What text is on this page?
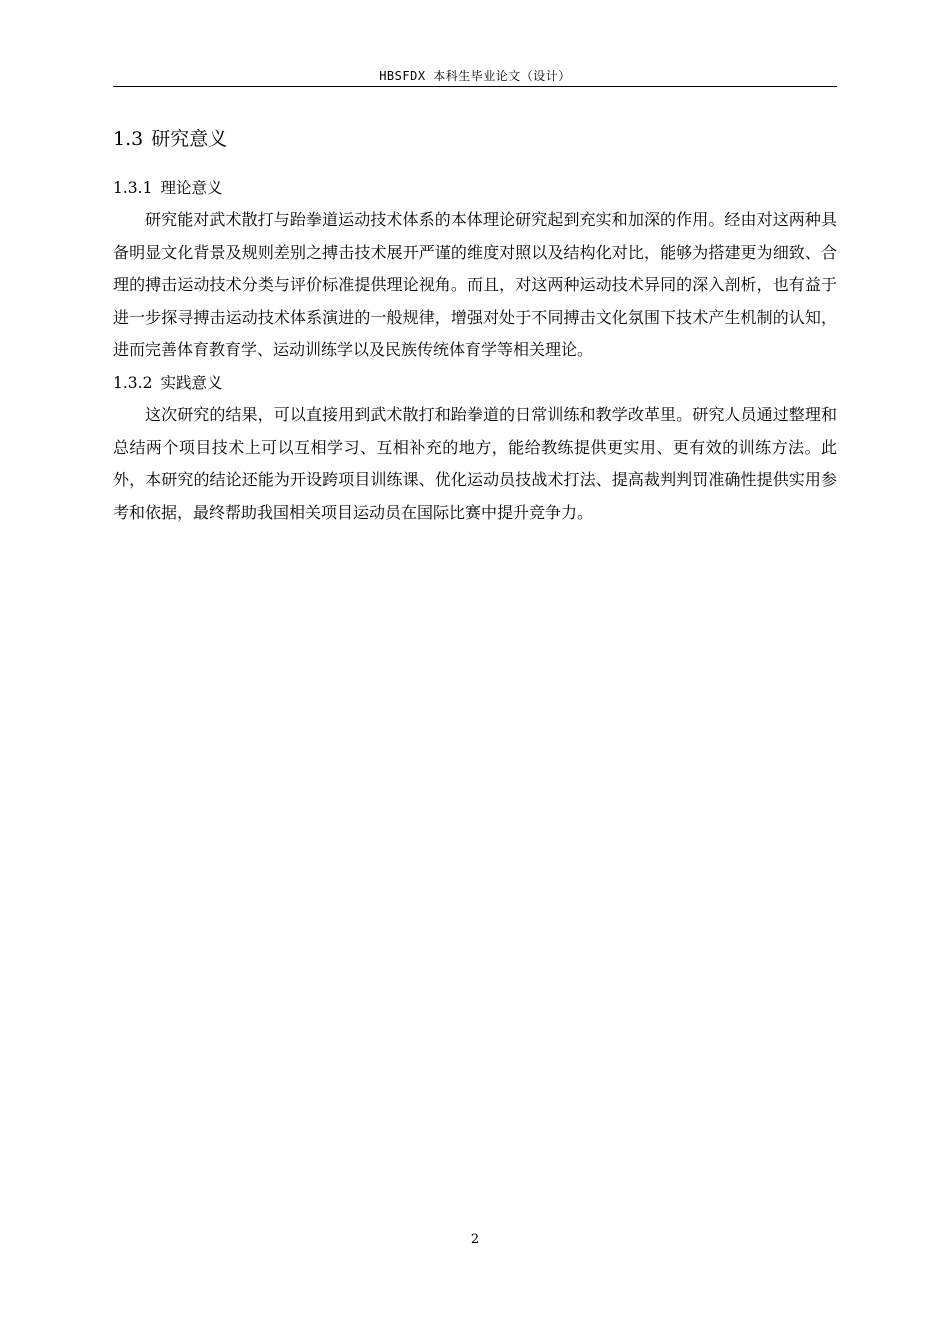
HBSFDX 本科生毕业论文（设计）
1.3 研究意义
1.3.1 理论意义

研究能对武术散打与跆拳道运动技术体系的本体理论研究起到充实和加深的作用。经由对这两种具备明显文化背景及规则差别之搏击技术展开严谨的维度对照以及结构化对比，能够为搭建更为细致、合理的搏击运动技术分类与评价标准提供理论视角。而且，对这两种运动技术异同的深入剖析，也有益于进一步探寻搏击运动技术体系演进的一般规律，增强对处于不同搏击文化氛围下技术产生机制的认知，进而完善体育教育学、运动训练学以及民族传统体育学等相关理论。

1.3.2 实践意义

这次研究的结果，可以直接用到武术散打和跆拳道的日常训练和教学改革里。研究人员通过整理和总结两个项目技术上可以互相学习、互相补充的地方，能给教练提供更实用、更有效的训练方法。此外，本研究的结论还能为开设跨项目训练课、优化运动员技战术打法、提高裁判判罚准确性提供实用参考和依据，最终帮助我国相关项目运动员在国际比赛中提升竞争力。

2
